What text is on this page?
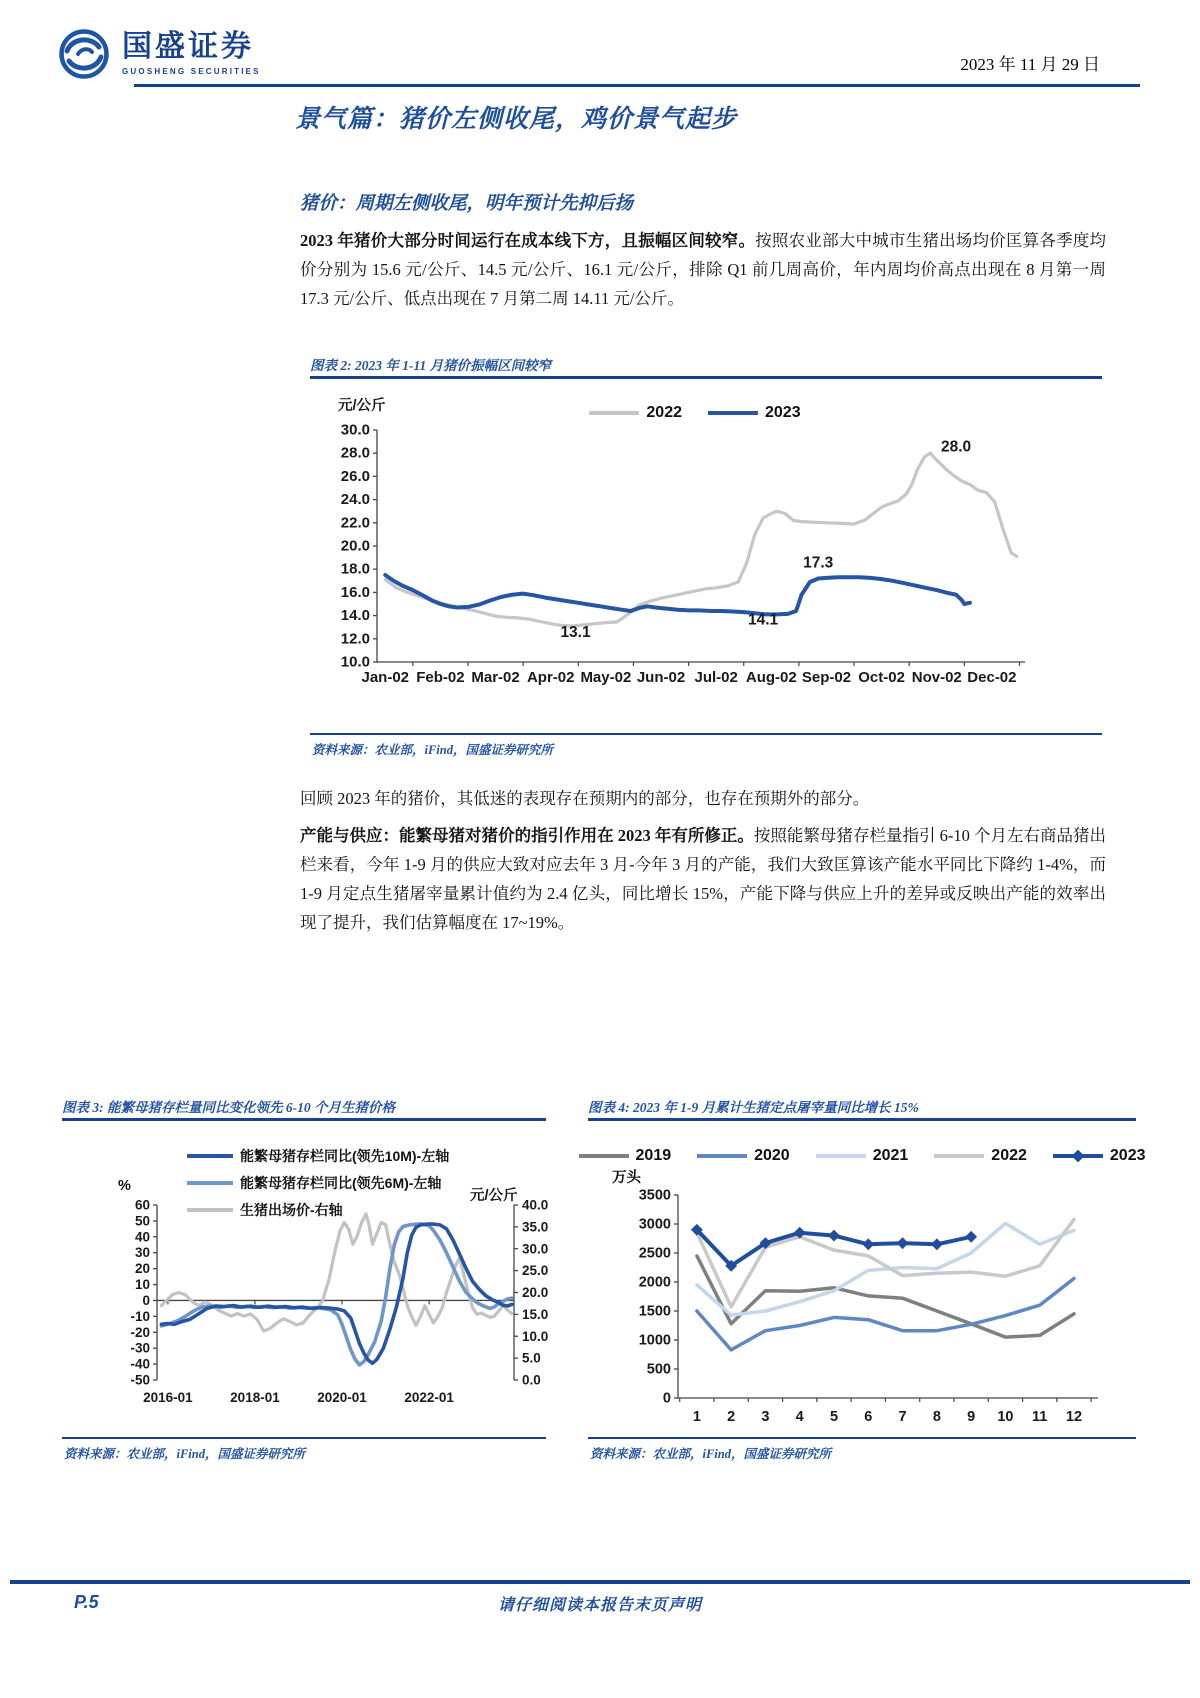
国盛证券
GUOSHENG SECURITIES	2023 年 11 月 29 日
景气篇：猪价左侧收尾，鸡价景气起步
猪价：周期左侧收尾，明年预计先抑后扬
2023 年猪价大部分时间运行在成本线下方，且振幅区间较窄。按照农业部大中城市生猪出场均价匡算各季度均价分别为 15.6 元/公斤、14.5 元/公斤、16.1 元/公斤，排除 Q1 前几周高价，年内周均价高点出现在 8 月第一周 17.3 元/公斤、低点出现在 7 月第二周 14.11 元/公斤。
图表 2: 2023 年 1-11 月猪价振幅区间较窄
元/公斤	2022	2023
30.0
28.0
26.0
24.0
22.0
20.0
18.0
16.0
14.0
12.0
10.0
Jan-02 Feb-02 Mar-02 Apr-02 May-02 Jun-02 Jul-02 Aug-02 Sep-02 Oct-02 Nov-02 Dec-02
28.0
17.3
14.1
13.1
资料来源：农业部，iFind，国盛证券研究所
回顾 2023 年的猪价，其低迷的表现存在预期内的部分，也存在预期外的部分。
产能与供应：能繁母猪对猪价的指引作用在 2023 年有所修正。按照能繁母猪存栏量指引 6-10 个月左右商品猪出栏来看，今年 1-9 月的供应大致对应去年 3 月-今年 3 月的产能，我们大致匡算该产能水平同比下降约 1-4%，而 1-9 月定点生猪屠宰量累计值约为 2.4 亿头，同比增长 15%，产能下降与供应上升的差异或反映出产能的效率出现了提升，我们估算幅度在 17~19%。
图表 3: 能繁母猪存栏量同比变化领先 6-10 个月生猪价格
能繁母猪存栏同比(领先10M)-左轴
能繁母猪存栏同比(领先6M)-左轴
生猪出场价-右轴
%
元/公斤
60
50
40
30
20
10
0
-10
-20
-30
-40
-50
40.0
35.0
30.0
25.0
20.0
15.0
10.0
5.0
0.0
2016-01	2018-01	2020-01	2022-01
资料来源：农业部，iFind，国盛证券研究所
图表 4: 2023 年 1-9 月累计生猪定点屠宰量同比增长 15%
2019	2020	2021	2022	2023
万头
3500
3000
2500
2000
1500
1000
500
0
1 2 3 4 5 6 7 8 9 10 11 12
资料来源：农业部，iFind，国盛证券研究所
P.5	请仔细阅读本报告末页声明
